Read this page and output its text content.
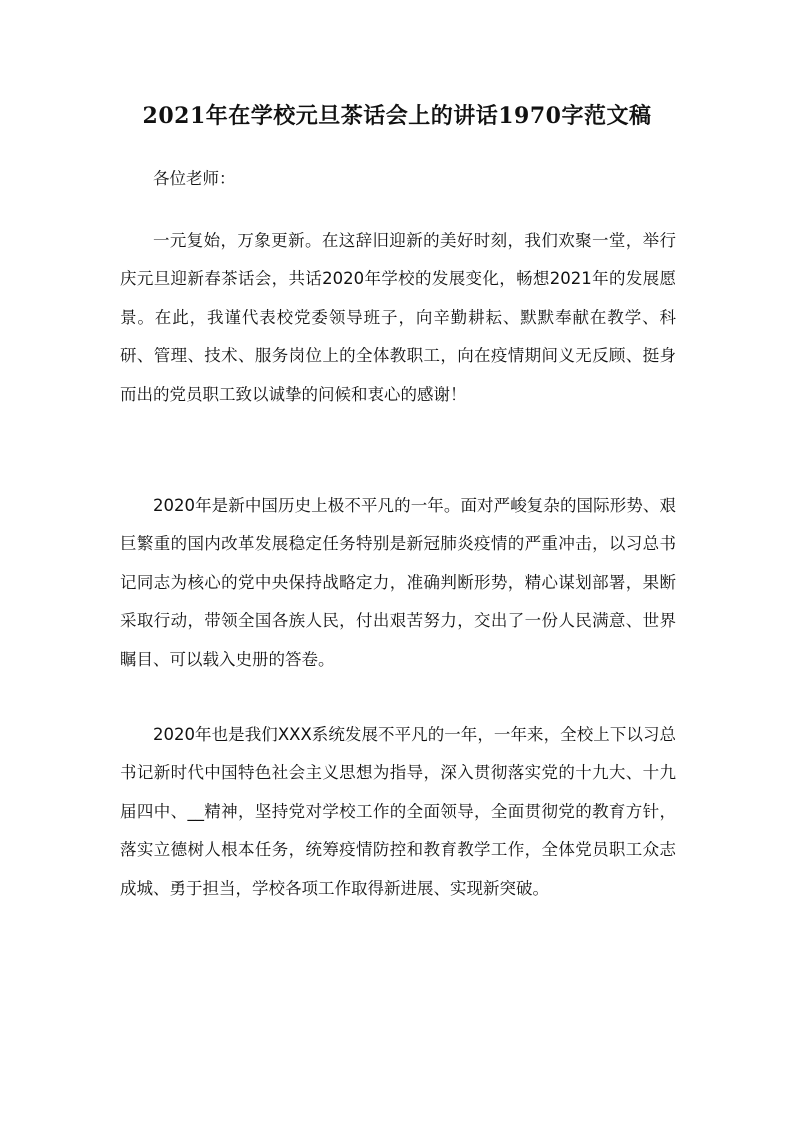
2021年在学校元旦茶话会上的讲话1970字范文稿

各位老师：

一元复始，万象更新。在这辞旧迎新的美好时刻，我们欢聚一堂，举行庆元旦迎新春茶话会，共话2020年学校的发展变化，畅想2021年的发展愿景。在此，我谨代表校党委领导班子，向辛勤耕耘、默默奉献在教学、科研、管理、技术、服务岗位上的全体教职工，向在疫情期间义无反顾、挺身而出的党员职工致以诚挚的问候和衷心的感谢！

2020年是新中国历史上极不平凡的一年。面对严峻复杂的国际形势、艰巨繁重的国内改革发展稳定任务特别是新冠肺炎疫情的严重冲击，以习总书记同志为核心的党中央保持战略定力，准确判断形势，精心谋划部署，果断采取行动，带领全国各族人民，付出艰苦努力，交出了一份人民满意、世界瞩目、可以载入史册的答卷。

2020年也是我们XXX系统发展不平凡的一年，一年来，全校上下以习总书记新时代中国特色社会主义思想为指导，深入贯彻落实党的十九大、十九届四中、__精神，坚持党对学校工作的全面领导，全面贯彻党的教育方针，落实立德树人根本任务，统筹疫情防控和教育教学工作，全体党员职工众志成城、勇于担当，学校各项工作取得新进展、实现新突破。
